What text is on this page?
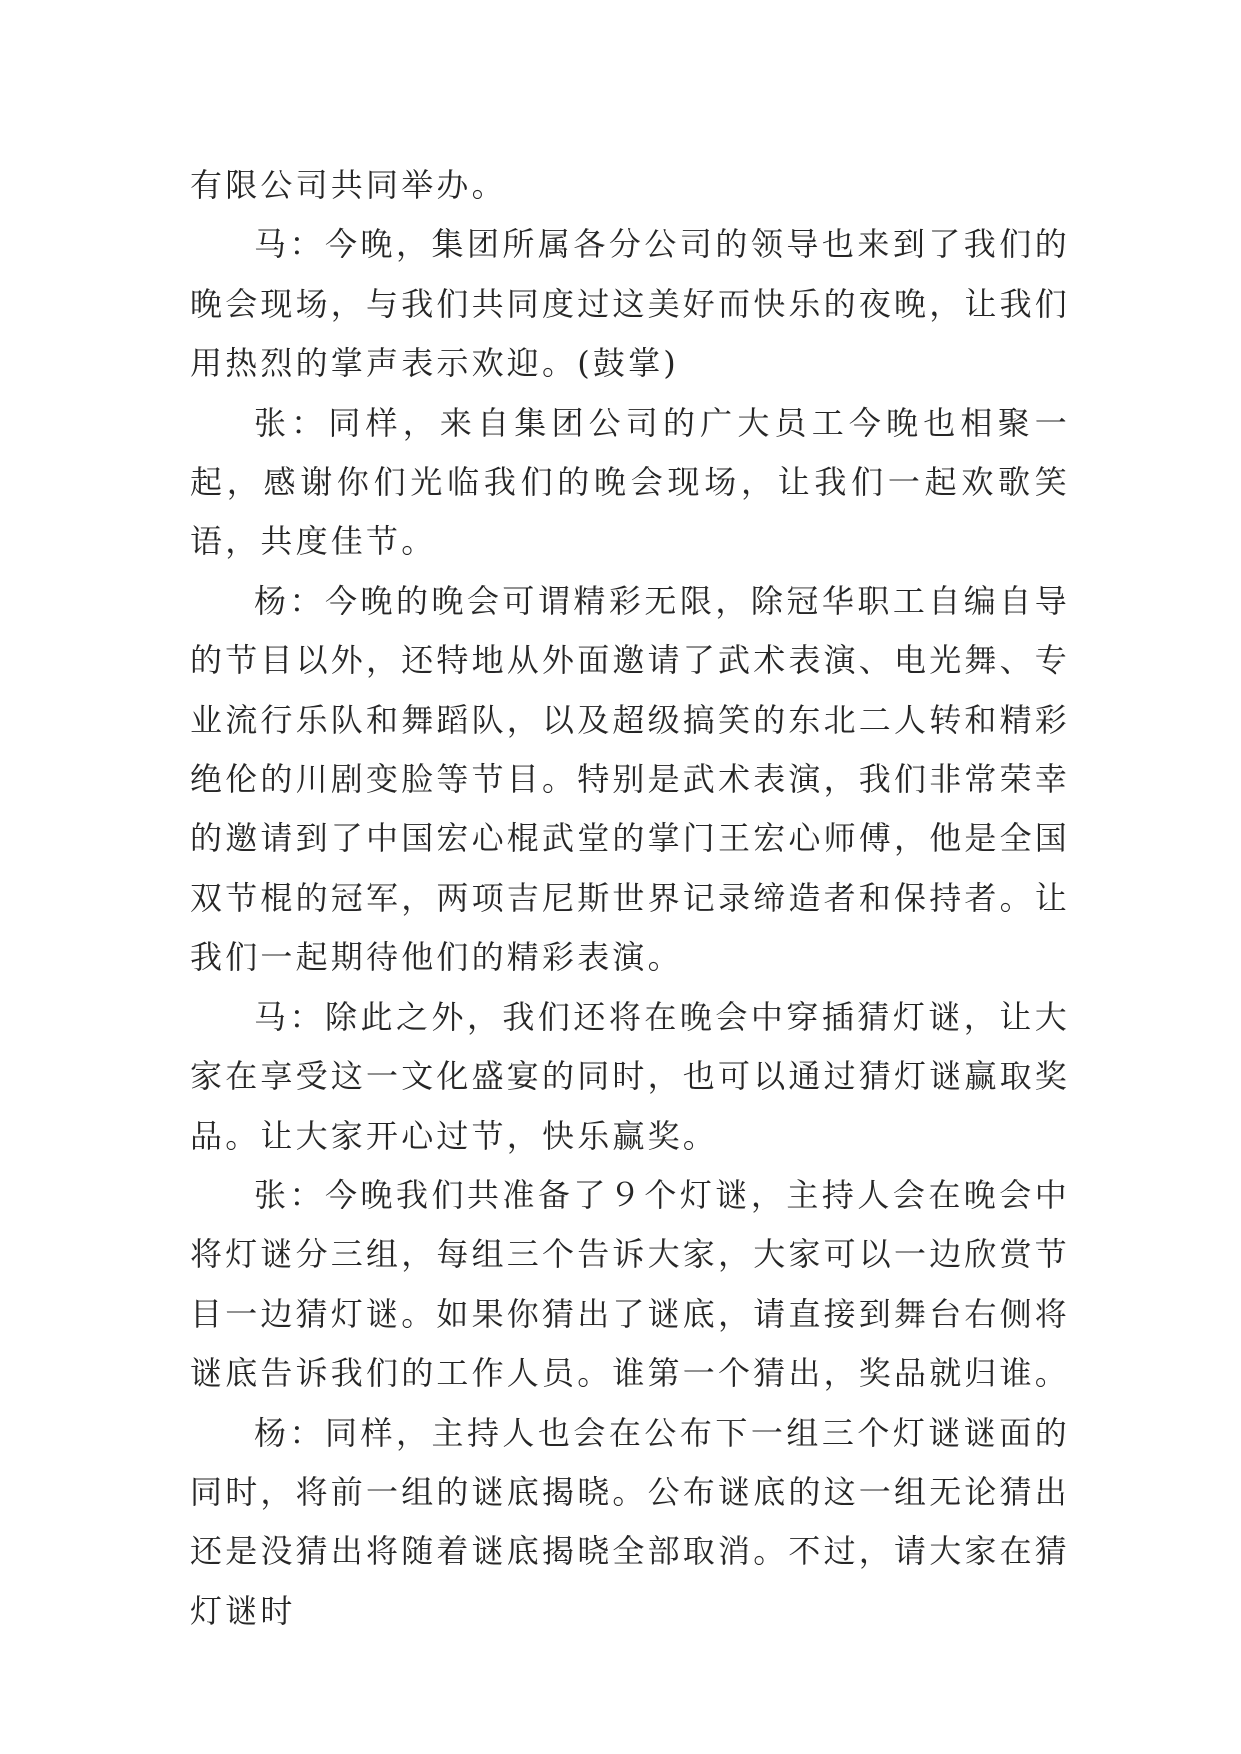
有限公司共同举办。

马：今晚，集团所属各分公司的领导也来到了我们的晚会现场，与我们共同度过这美好而快乐的夜晚，让我们用热烈的掌声表示欢迎。(鼓掌)

张：同样，来自集团公司的广大员工今晚也相聚一起，感谢你们光临我们的晚会现场，让我们一起欢歌笑语，共度佳节。

杨：今晚的晚会可谓精彩无限，除冠华职工自编自导的节目以外，还特地从外面邀请了武术表演、电光舞、专业流行乐队和舞蹈队，以及超级搞笑的东北二人转和精彩绝伦的川剧变脸等节目。特别是武术表演，我们非常荣幸的邀请到了中国宏心棍武堂的掌门王宏心师傅，他是全国双节棍的冠军，两项吉尼斯世界记录缔造者和保持者。让我们一起期待他们的精彩表演。

马：除此之外，我们还将在晚会中穿插猜灯谜，让大家在享受这一文化盛宴的同时，也可以通过猜灯谜赢取奖品。让大家开心过节，快乐赢奖。

张：今晚我们共准备了９个灯谜，主持人会在晚会中将灯谜分三组，每组三个告诉大家，大家可以一边欣赏节目一边猜灯谜。如果你猜出了谜底，请直接到舞台右侧将谜底告诉我们的工作人员。谁第一个猜出，奖品就归谁。

杨：同样，主持人也会在公布下一组三个灯谜谜面的同时，将前一组的谜底揭晓。公布谜底的这一组无论猜出还是没猜出将随着谜底揭晓全部取消。不过，请大家在猜灯谜时
